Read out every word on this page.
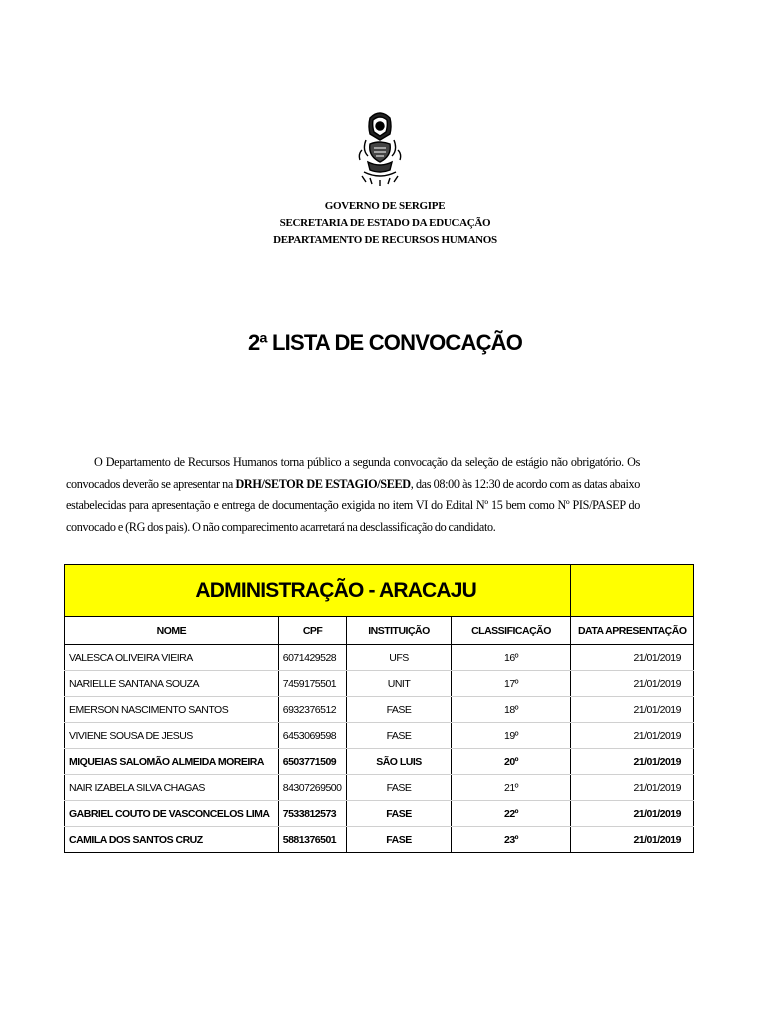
GOVERNO DE SERGIPE
SECRETARIA DE ESTADO DA EDUCAÇÃO
DEPARTAMENTO DE RECURSOS HUMANOS
2ª LISTA DE CONVOCAÇÃO
O Departamento de Recursos Humanos torna público a segunda convocação da seleção de estágio não obrigatório. Os convocados deverão se apresentar na DRH/SETOR DE ESTAGIO/SEED, das 08:00 às 12:30 de acordo com as datas abaixo estabelecidas para apresentação e entrega de documentação exigida no item VI do Edital Nº 15 bem como Nº PIS/PASEP do convocado e (RG dos pais). O não comparecimento acarretará na desclassificação do candidato.
ADMINISTRAÇÃO - ARACAJU				
NOME	CPF	INSTITUIÇÃO	CLASSIFICAÇÃO	DATA APRESENTAÇÃO
VALESCA OLIVEIRA VIEIRA	6071429528	UFS	16º	21/01/2019
NARIELLE SANTANA SOUZA	7459175501	UNIT	17º	21/01/2019
EMERSON NASCIMENTO SANTOS	6932376512	FASE	18º	21/01/2019
VIVIENE SOUSA DE JESUS	6453069598	FASE	19º	21/01/2019
MIQUEIAS SALOMÃO ALMEIDA MOREIRA	6503771509	SÃO LUIS	20º	21/01/2019
NAIR IZABELA SILVA CHAGAS	84307269500	FASE	21º	21/01/2019
GABRIEL COUTO DE VASCONCELOS LIMA	7533812573	FASE	22º	21/01/2019
CAMILA DOS SANTOS CRUZ	5881376501	FASE	23º	21/01/2019
